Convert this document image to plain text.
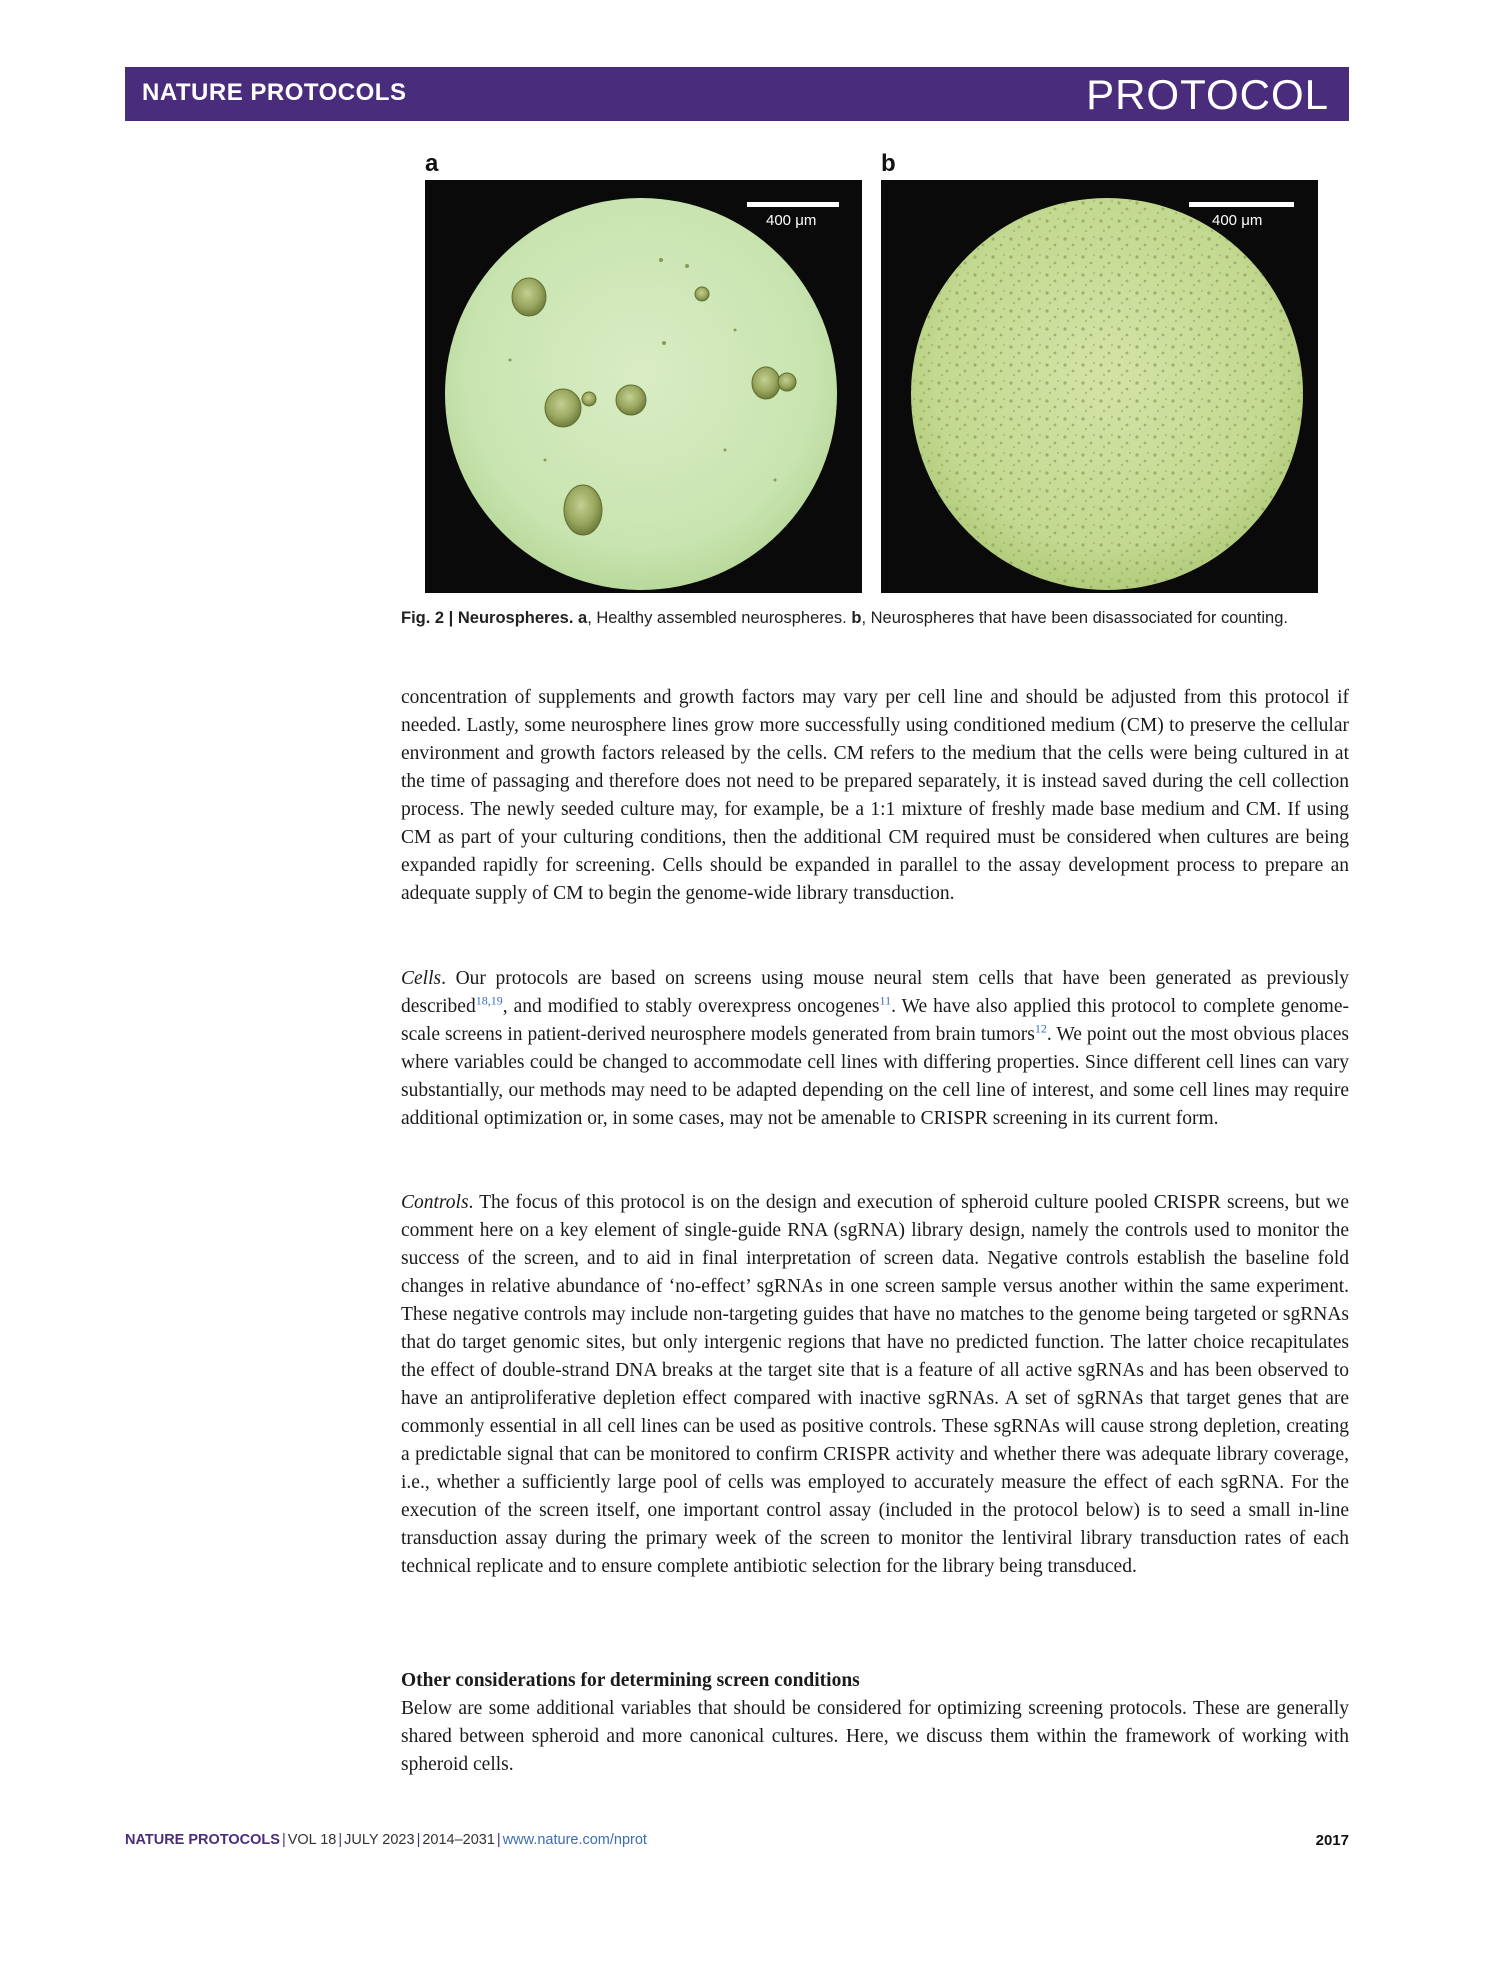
NATURE PROTOCOLS	PROTOCOL
a
400 μm
b
400 μm
Fig. 2 | Neurospheres. a, Healthy assembled neurospheres. b, Neurospheres that have been disassociated for counting.

concentration of supplements and growth factors may vary per cell line and should be adjusted from this protocol if needed. Lastly, some neurosphere lines grow more successfully using conditioned medium (CM) to preserve the cellular environment and growth factors released by the cells. CM refers to the medium that the cells were being cultured in at the time of passaging and therefore does not need to be prepared separately, it is instead saved during the cell collection process. The newly seeded culture may, for example, be a 1:1 mixture of freshly made base medium and CM. If using CM as part of your culturing conditions, then the additional CM required must be considered when cultures are being expanded rapidly for screening. Cells should be expanded in parallel to the assay development process to prepare an adequate supply of CM to begin the genome-wide library transduction.

Cells. Our protocols are based on screens using mouse neural stem cells that have been generated as previously described$^{18,19}$, and modified to stably overexpress oncogenes$^{11}$. We have also applied this protocol to complete genome-scale screens in patient-derived neurosphere models generated from brain tumors$^{12}$. We point out the most obvious places where variables could be changed to accommodate cell lines with differing properties. Since different cell lines can vary substantially, our methods may need to be adapted depending on the cell line of interest, and some cell lines may require additional optimization or, in some cases, may not be amenable to CRISPR screening in its current form.

Controls. The focus of this protocol is on the design and execution of spheroid culture pooled CRISPR screens, but we comment here on a key element of single-guide RNA (sgRNA) library design, namely the controls used to monitor the success of the screen, and to aid in final interpretation of screen data. Negative controls establish the baseline fold changes in relative abundance of ‘no-effect’ sgRNAs in one screen sample versus another within the same experiment. These negative controls may include non-targeting guides that have no matches to the genome being targeted or sgRNAs that do target genomic sites, but only intergenic regions that have no predicted function. The latter choice recapitulates the effect of double-strand DNA breaks at the target site that is a feature of all active sgRNAs and has been observed to have an antiproliferative depletion effect compared with inactive sgRNAs. A set of sgRNAs that target genes that are commonly essential in all cell lines can be used as positive controls. These sgRNAs will cause strong depletion, creating a predictable signal that can be monitored to confirm CRISPR activity and whether there was adequate library coverage, i.e., whether a sufficiently large pool of cells was employed to accurately measure the effect of each sgRNA. For the execution of the screen itself, one important control assay (included in the protocol below) is to seed a small in-line transduction assay during the primary week of the screen to monitor the lentiviral library transduction rates of each technical replicate and to ensure complete antibiotic selection for the library being transduced.

Other considerations for determining screen conditions

Below are some additional variables that should be considered for optimizing screening protocols. These are generally shared between spheroid and more canonical cultures. Here, we discuss them within the framework of working with spheroid cells.

NATURE PROTOCOLS | VOL 18 | JULY 2023 | 2014–2031 | www.nature.com/nprot	2017
